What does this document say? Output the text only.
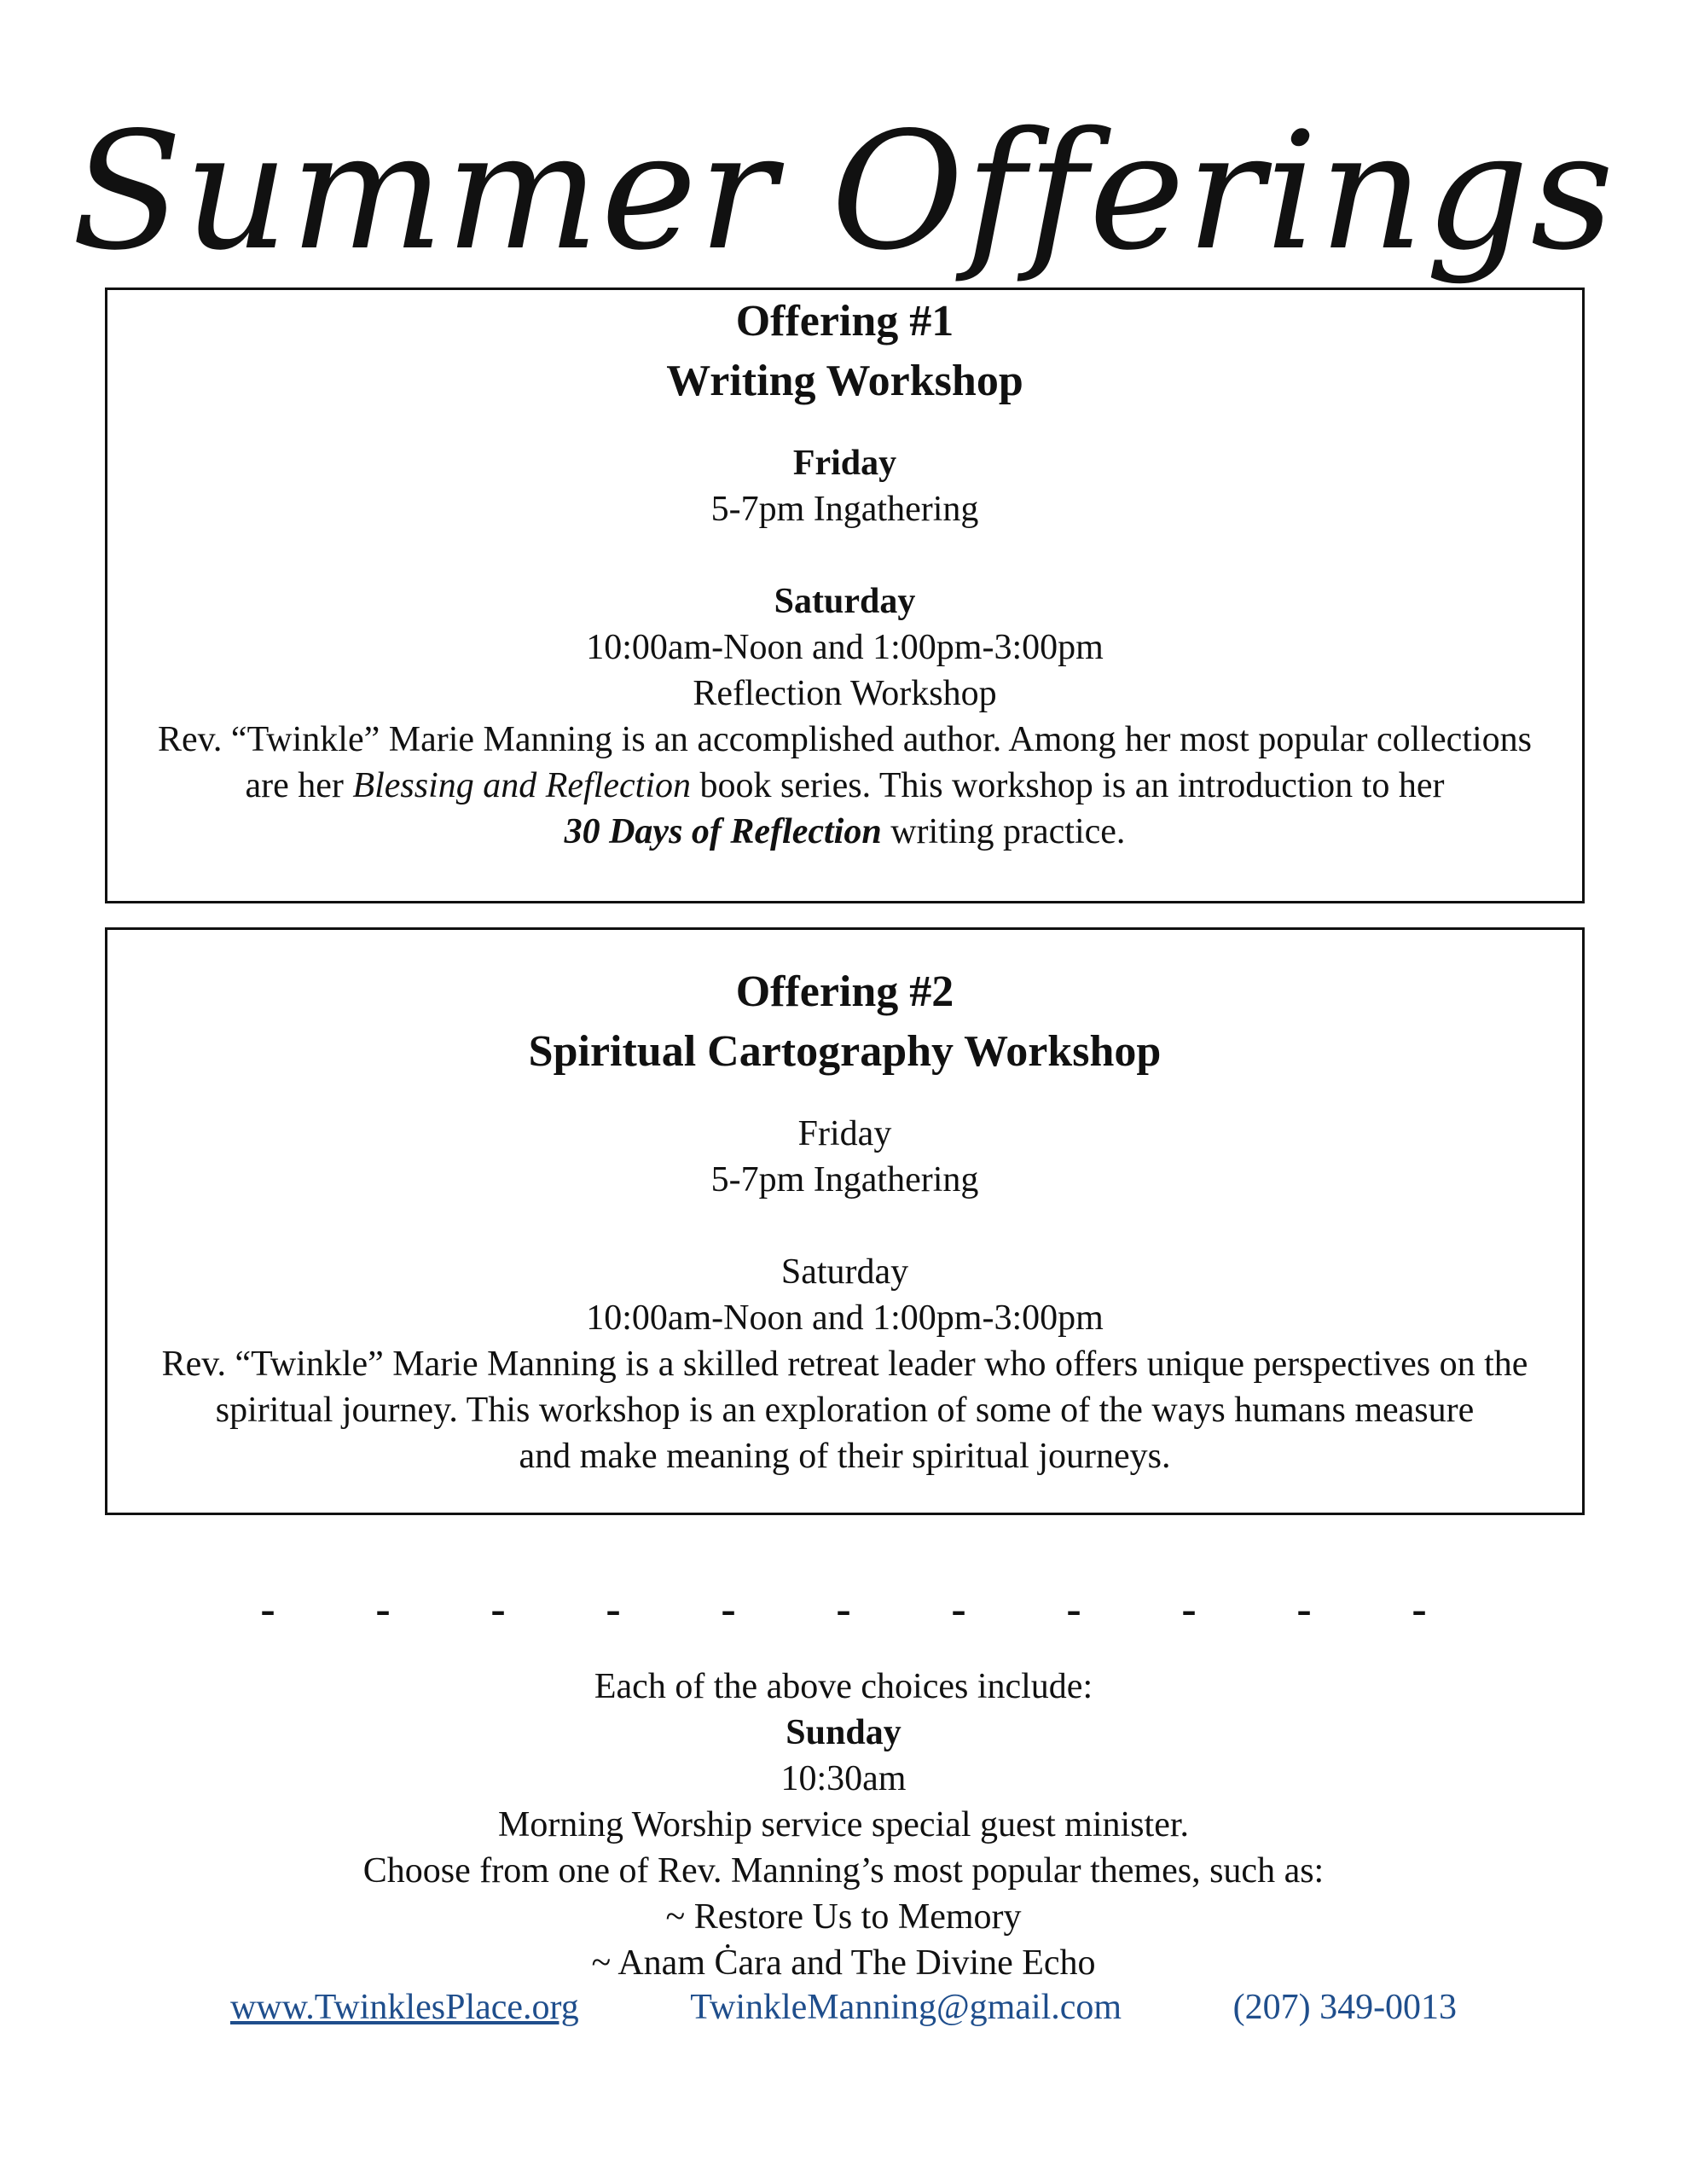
Summer Offerings
Offering #1
Writing Workshop
Friday
5-7pm Ingathering
Saturday
10:00am-Noon and 1:00pm-3:00pm
Reflection Workshop
Rev. “Twinkle” Marie Manning is an accomplished author. Among her most popular collections
are her Blessing and Reflection book series. This workshop is an introduction to her
30 Days of Reflection writing practice.
Offering #2
Spiritual Cartography Workshop
Friday
5-7pm Ingathering
Saturday
10:00am-Noon and 1:00pm-3:00pm
Rev. “Twinkle” Marie Manning is a skilled retreat leader who offers unique perspectives on the
spiritual journey. This workshop is an exploration of some of the ways humans measure
and make meaning of their spiritual journeys.
- - - - - - - - - - -
Each of the above choices include:
Sunday
10:30am
Morning Worship service special guest minister.
Choose from one of Rev. Manning’s most popular themes, such as:
~ Restore Us to Memory
~ Anam Ċara and The Divine Echo
www.TwinklesPlace.org	TwinkleManning@gmail.com	(207) 349-0013
